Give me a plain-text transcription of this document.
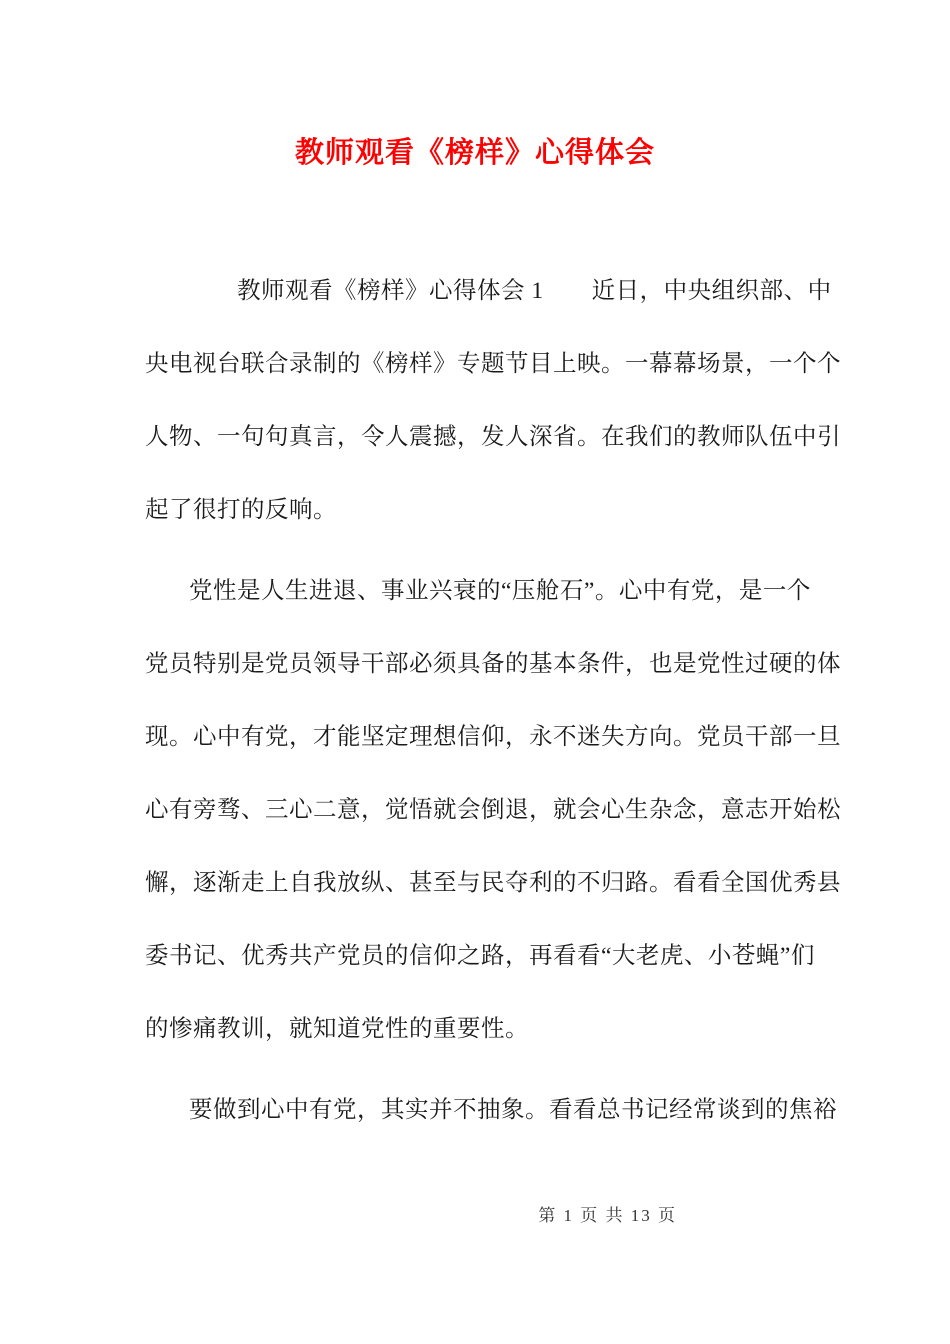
教师观看《榜样》心得体会
　　教师观看《榜样》心得体会 1　　近日，中央组织部、中
央电视台联合录制的《榜样》专题节目上映。一幕幕场景，一个个
人物、一句句真言，令人震撼，发人深省。在我们的教师队伍中引
起了很打的反响。
党性是人生进退、事业兴衰的“压舱石”。心中有党，是一个
党员特别是党员领导干部必须具备的基本条件，也是党性过硬的体
现。心中有党，才能坚定理想信仰，永不迷失方向。党员干部一旦
心有旁骛、三心二意，觉悟就会倒退，就会心生杂念，意志开始松
懈，逐渐走上自我放纵、甚至与民夺利的不归路。看看全国优秀县
委书记、优秀共产党员的信仰之路，再看看“大老虎、小苍蝇”们
的惨痛教训，就知道党性的重要性。
要做到心中有党，其实并不抽象。看看总书记经常谈到的焦裕
第 1 页 共 13 页
